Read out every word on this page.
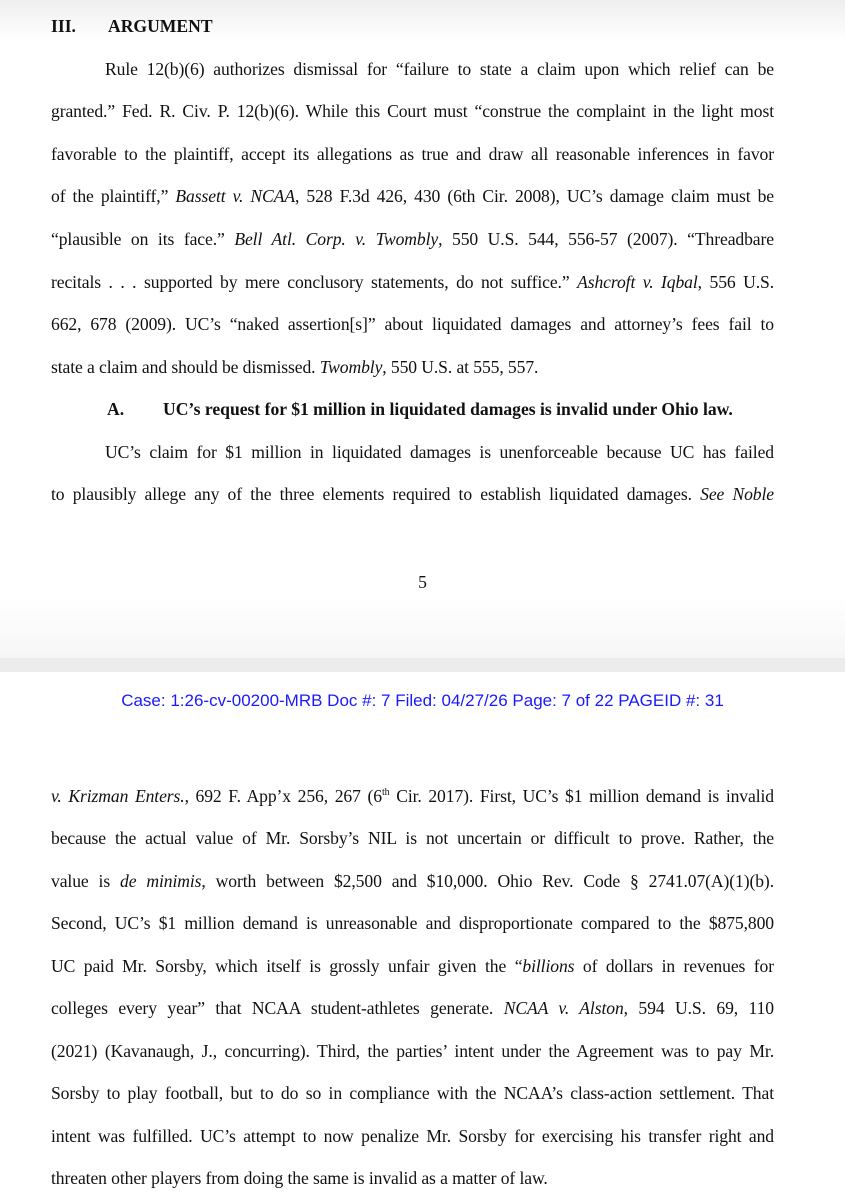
III. ARGUMENT
Rule 12(b)(6) authorizes dismissal for “failure to state a claim upon which relief can be
granted.” Fed. R. Civ. P. 12(b)(6). While this Court must “construe the complaint in the light most
favorable to the plaintiff, accept its allegations as true and draw all reasonable inferences in favor
of the plaintiff,” Bassett v. NCAA, 528 F.3d 426, 430 (6th Cir. 2008), UC’s damage claim must be
“plausible on its face.” Bell Atl. Corp. v. Twombly, 550 U.S. 544, 556-57 (2007). “Threadbare
recitals . . . supported by mere conclusory statements, do not suffice.” Ashcroft v. Iqbal, 556 U.S.
662, 678 (2009). UC’s “naked assertion[s]” about liquidated damages and attorney’s fees fail to
state a claim and should be dismissed. Twombly, 550 U.S. at 555, 557.
A. UC’s request for $1 million in liquidated damages is invalid under Ohio law.
UC’s claim for $1 million in liquidated damages is unenforceable because UC has failed
to plausibly allege any of the three elements required to establish liquidated damages. See Noble
5
Case: 1:26-cv-00200-MRB Doc #: 7 Filed: 04/27/26 Page: 7 of 22 PAGEID #: 31
v. Krizman Enters., 692 F. App’x 256, 267 (6th Cir. 2017). First, UC’s $1 million demand is invalid
because the actual value of Mr. Sorsby’s NIL is not uncertain or difficult to prove. Rather, the
value is de minimis, worth between $2,500 and $10,000. Ohio Rev. Code § 2741.07(A)(1)(b).
Second, UC’s $1 million demand is unreasonable and disproportionate compared to the $875,800
UC paid Mr. Sorsby, which itself is grossly unfair given the “billions of dollars in revenues for
colleges every year” that NCAA student-athletes generate. NCAA v. Alston, 594 U.S. 69, 110
(2021) (Kavanaugh, J., concurring). Third, the parties’ intent under the Agreement was to pay Mr.
Sorsby to play football, but to do so in compliance with the NCAA’s class-action settlement. That
intent was fulfilled. UC’s attempt to now penalize Mr. Sorsby for exercising his transfer right and
threaten other players from doing the same is invalid as a matter of law.
